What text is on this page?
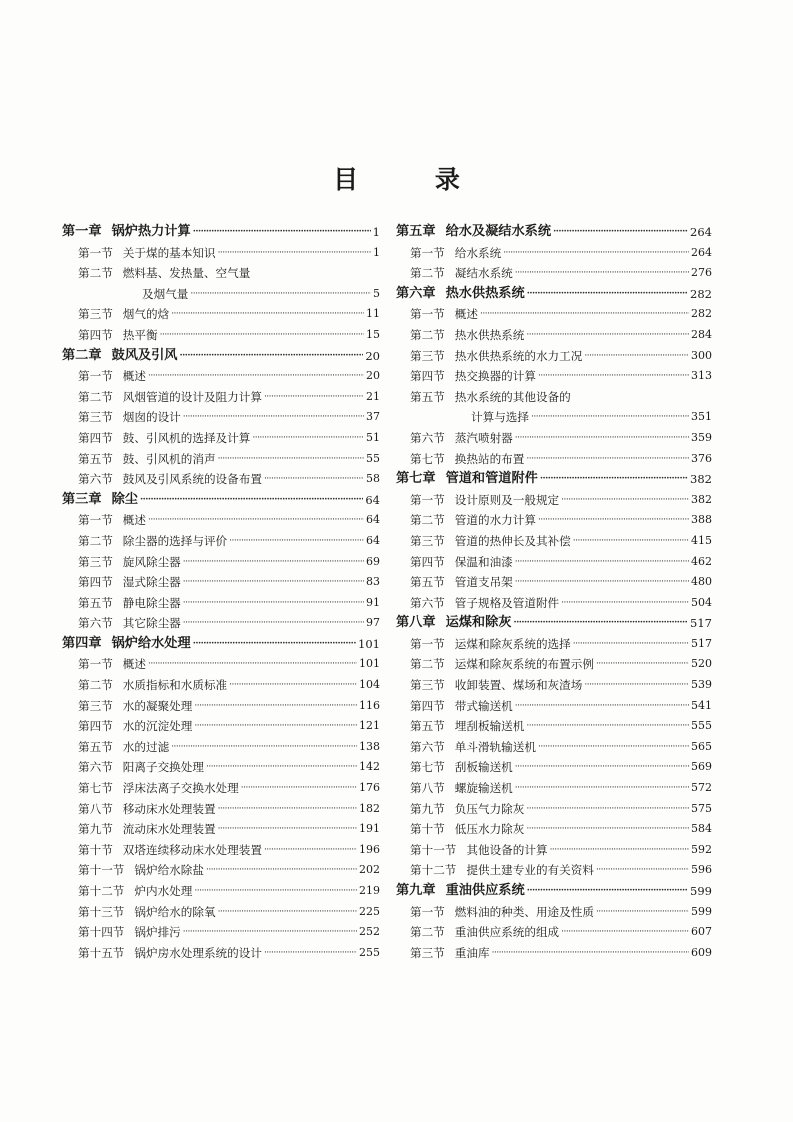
目 录
第一章 锅炉热力计算 ·····	1
第一节 关于煤的基本知识 ·····	1
第二节 燃料基、发热量、空气量
及烟气量 ·····	5
第三节 烟气的焓 ·····	11
第四节 热平衡 ·····	15
第二章 鼓风及引风 ·····	20
第一节 概述 ·····	20
第二节 风烟管道的设计及阻力计算 ·····	21
第三节 烟囱的设计 ·····	37
第四节 鼓、引风机的选择及计算 ·····	51
第五节 鼓、引风机的消声 ·····	55
第六节 鼓风及引风系统的设备布置 ·····	58
第三章 除尘 ·····	64
第一节 概述 ·····	64
第二节 除尘器的选择与评价 ·····	64
第三节 旋风除尘器 ·····	69
第四节 湿式除尘器 ·····	83
第五节 静电除尘器 ·····	91
第六节 其它除尘器 ·····	97
第四章 锅炉给水处理 ·····	101
第一节 概述 ·····	101
第二节 水质指标和水质标准 ·····	104
第三节 水的凝聚处理 ·····	116
第四节 水的沉淀处理 ·····	121
第五节 水的过滤 ·····	138
第六节 阳离子交换处理 ·····	142
第七节 浮床法离子交换水处理 ·····	176
第八节 移动床水处理装置 ·····	182
第九节 流动床水处理装置 ·····	191
第十节 双塔连续移动床水处理装置 ·····	196
第十一节 锅炉给水除盐 ·····	202
第十二节 炉内水处理 ·····	219
第十三节 锅炉给水的除氧 ·····	225
第十四节 锅炉排污 ·····	252
第十五节 锅炉房水处理系统的设计 ·····	255
第五章 给水及凝结水系统 ·····	264
第一节 给水系统 ·····	264
第二节 凝结水系统 ·····	276
第六章 热水供热系统 ·····	282
第一节 概述 ·····	282
第二节 热水供热系统 ·····	284
第三节 热水供热系统的水力工况 ·····	300
第四节 热交换器的计算 ·····	313
第五节 热水系统的其他设备的
计算与选择 ·····	351
第六节 蒸汽喷射器 ·····	359
第七节 换热站的布置 ·····	376
第七章 管道和管道附件 ·····	382
第一节 设计原则及一般规定 ·····	382
第二节 管道的水力计算 ·····	388
第三节 管道的热伸长及其补偿 ·····	415
第四节 保温和油漆 ·····	462
第五节 管道支吊架 ·····	480
第六节 管子规格及管道附件 ·····	504
第八章 运煤和除灰 ·····	517
第一节 运煤和除灰系统的选择 ·····	517
第二节 运煤和除灰系统的布置示例 ·····	520
第三节 收卸装置、煤场和灰渣场 ·····	539
第四节 带式输送机 ·····	541
第五节 埋刮板输送机 ·····	555
第六节 单斗滑轨输送机 ·····	565
第七节 刮板输送机 ·····	569
第八节 螺旋输送机 ·····	572
第九节 负压气力除灰 ·····	575
第十节 低压水力除灰 ·····	584
第十一节 其他设备的计算 ·····	592
第十二节 提供土建专业的有关资料 ·····	596
第九章 重油供应系统 ·····	599
第一节 燃料油的种类、用途及性质 ·····	599
第二节 重油供应系统的组成 ·····	607
第三节 重油库 ·····	609
